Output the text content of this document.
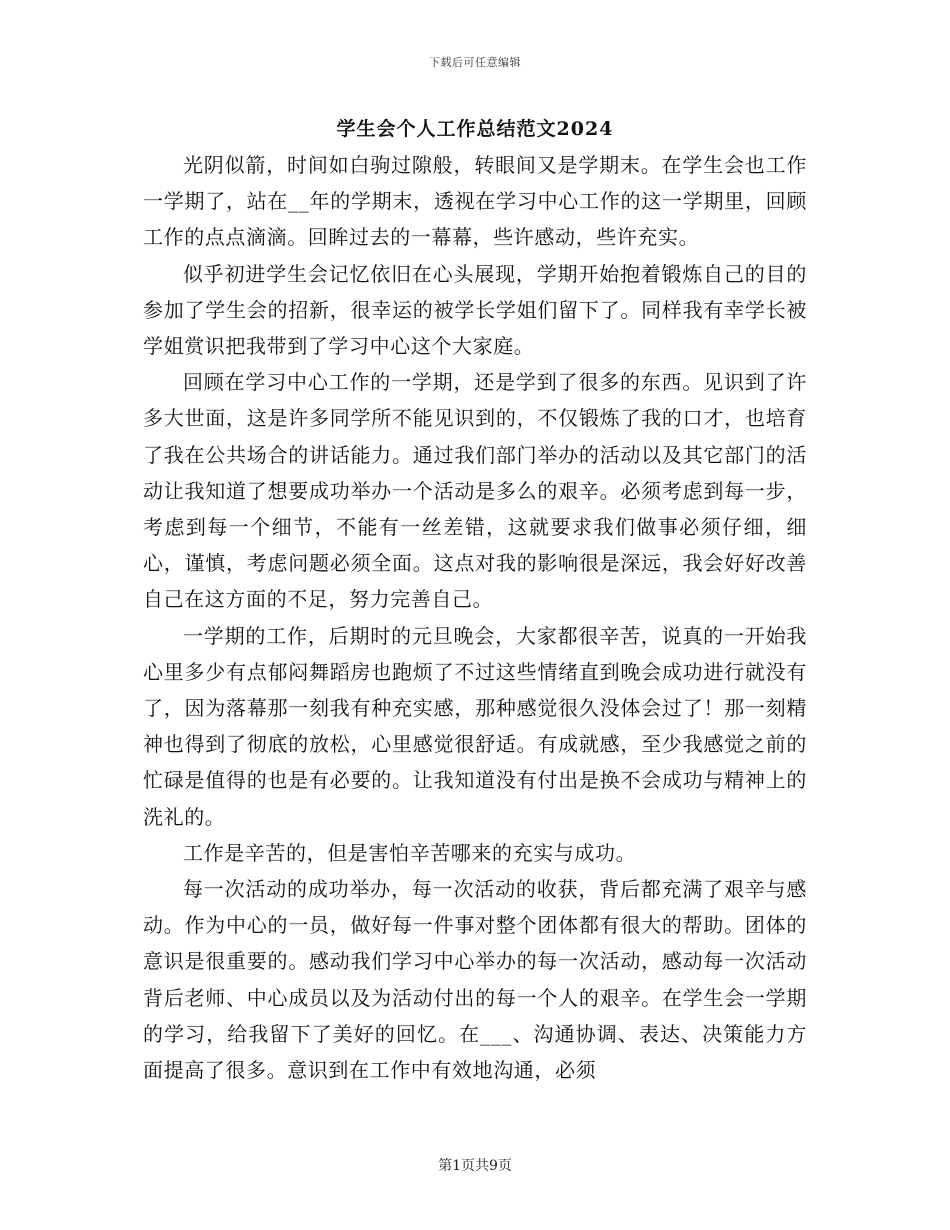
下载后可任意编辑
学生会个人工作总结范文2024

光阴似箭，时间如白驹过隙般，转眼间又是学期末。在学生会也工作一学期了，站在__年的学期末，透视在学习中心工作的这一学期里，回顾工作的点点滴滴。回眸过去的一幕幕，些许感动，些许充实。

似乎初进学生会记忆依旧在心头展现，学期开始抱着锻炼自己的目的参加了学生会的招新，很幸运的被学长学姐们留下了。同样我有幸学长被学姐赏识把我带到了学习中心这个大家庭。

回顾在学习中心工作的一学期，还是学到了很多的东西。见识到了许多大世面，这是许多同学所不能见识到的，不仅锻炼了我的口才，也培育了我在公共场合的讲话能力。通过我们部门举办的活动以及其它部门的活动让我知道了想要成功举办一个活动是多么的艰辛。必须考虑到每一步，考虑到每一个细节，不能有一丝差错，这就要求我们做事必须仔细，细心，谨慎，考虑问题必须全面。这点对我的影响很是深远，我会好好改善自己在这方面的不足，努力完善自己。

一学期的工作，后期时的元旦晚会，大家都很辛苦，说真的一开始我心里多少有点郁闷舞蹈房也跑烦了不过这些情绪直到晚会成功进行就没有了，因为落幕那一刻我有种充实感，那种感觉很久没体会过了！那一刻精神也得到了彻底的放松，心里感觉很舒适。有成就感，至少我感觉之前的忙碌是值得的也是有必要的。让我知道没有付出是换不会成功与精神上的洗礼的。

工作是辛苦的，但是害怕辛苦哪来的充实与成功。

每一次活动的成功举办，每一次活动的收获，背后都充满了艰辛与感动。作为中心的一员，做好每一件事对整个团体都有很大的帮助。团体的意识是很重要的。感动我们学习中心举办的每一次活动，感动每一次活动背后老师、中心成员以及为活动付出的每一个人的艰辛。在学生会一学期的学习，给我留下了美好的回忆。在___、沟通协调、表达、决策能力方面提高了很多。意识到在工作中有效地沟通，必须

第1页共9页
